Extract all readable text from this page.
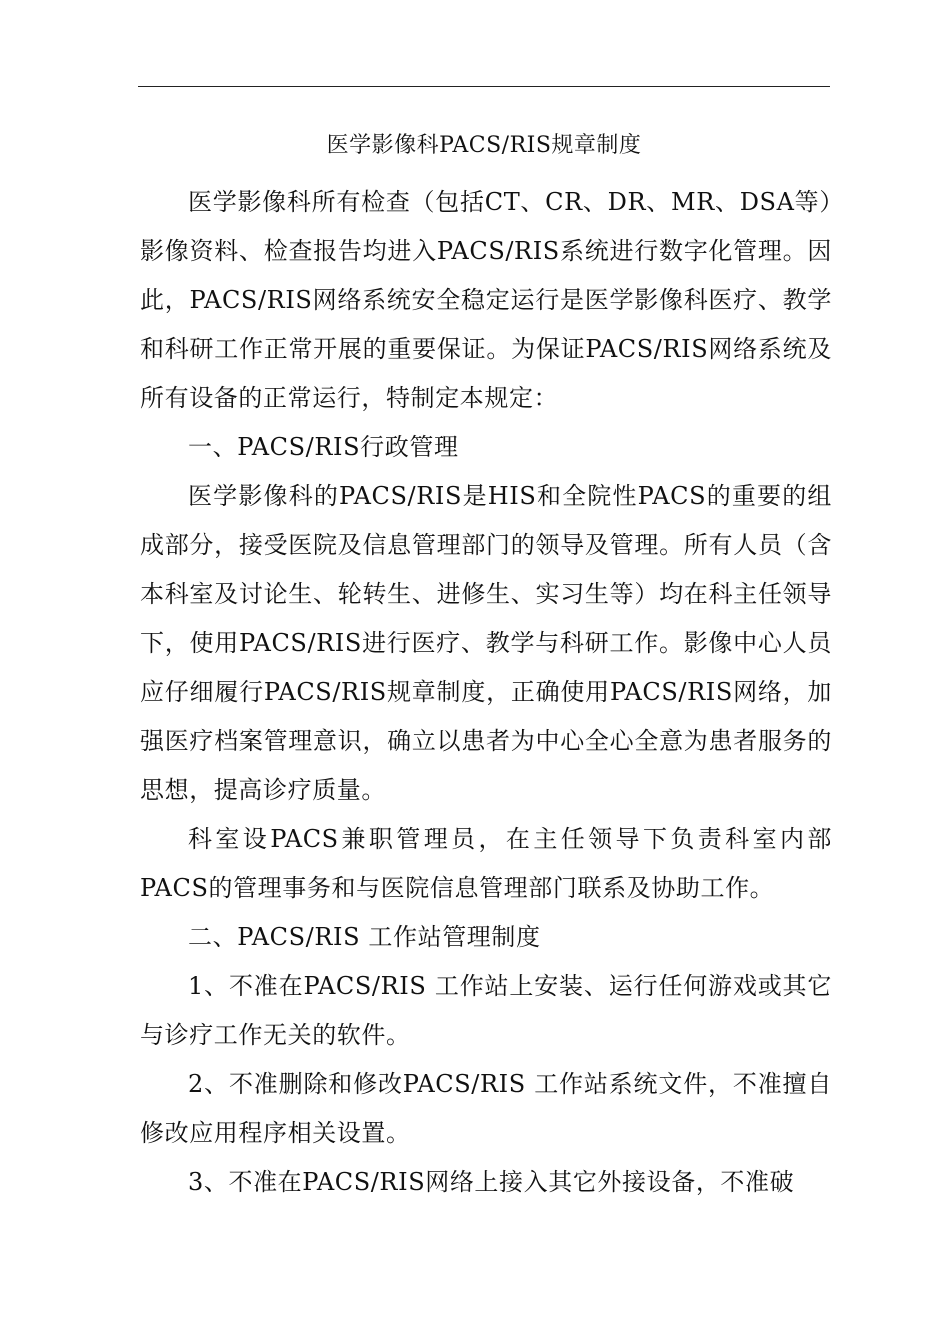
医学影像科PACS/RIS规章制度

医学影像科所有检查（包括CT、CR、DR、MR、DSA等）影像资料、检查报告均进入PACS/RIS系统进行数字化管理。因此，PACS/RIS网络系统安全稳定运行是医学影像科医疗、教学和科研工作正常开展的重要保证。为保证PACS/RIS网络系统及所有设备的正常运行，特制定本规定：

一、PACS/RIS行政管理

医学影像科的PACS/RIS是HIS和全院性PACS的重要的组成部分，接受医院及信息管理部门的领导及管理。所有人员（含本科室及讨论生、轮转生、进修生、实习生等）均在科主任领导下，使用PACS/RIS进行医疗、教学与科研工作。影像中心人员应仔细履行PACS/RIS规章制度，正确使用PACS/RIS网络，加强医疗档案管理意识，确立以患者为中心全心全意为患者服务的思想，提高诊疗质量。

科室设PACS兼职管理员，在主任领导下负责科室内部PACS的管理事务和与医院信息管理部门联系及协助工作。

二、PACS/RIS 工作站管理制度

1、不准在PACS/RIS 工作站上安装、运行任何游戏或其它与诊疗工作无关的软件。

2、不准删除和修改PACS/RIS 工作站系统文件，不准擅自修改应用程序相关设置。

3、不准在PACS/RIS网络上接入其它外接设备，不准破
